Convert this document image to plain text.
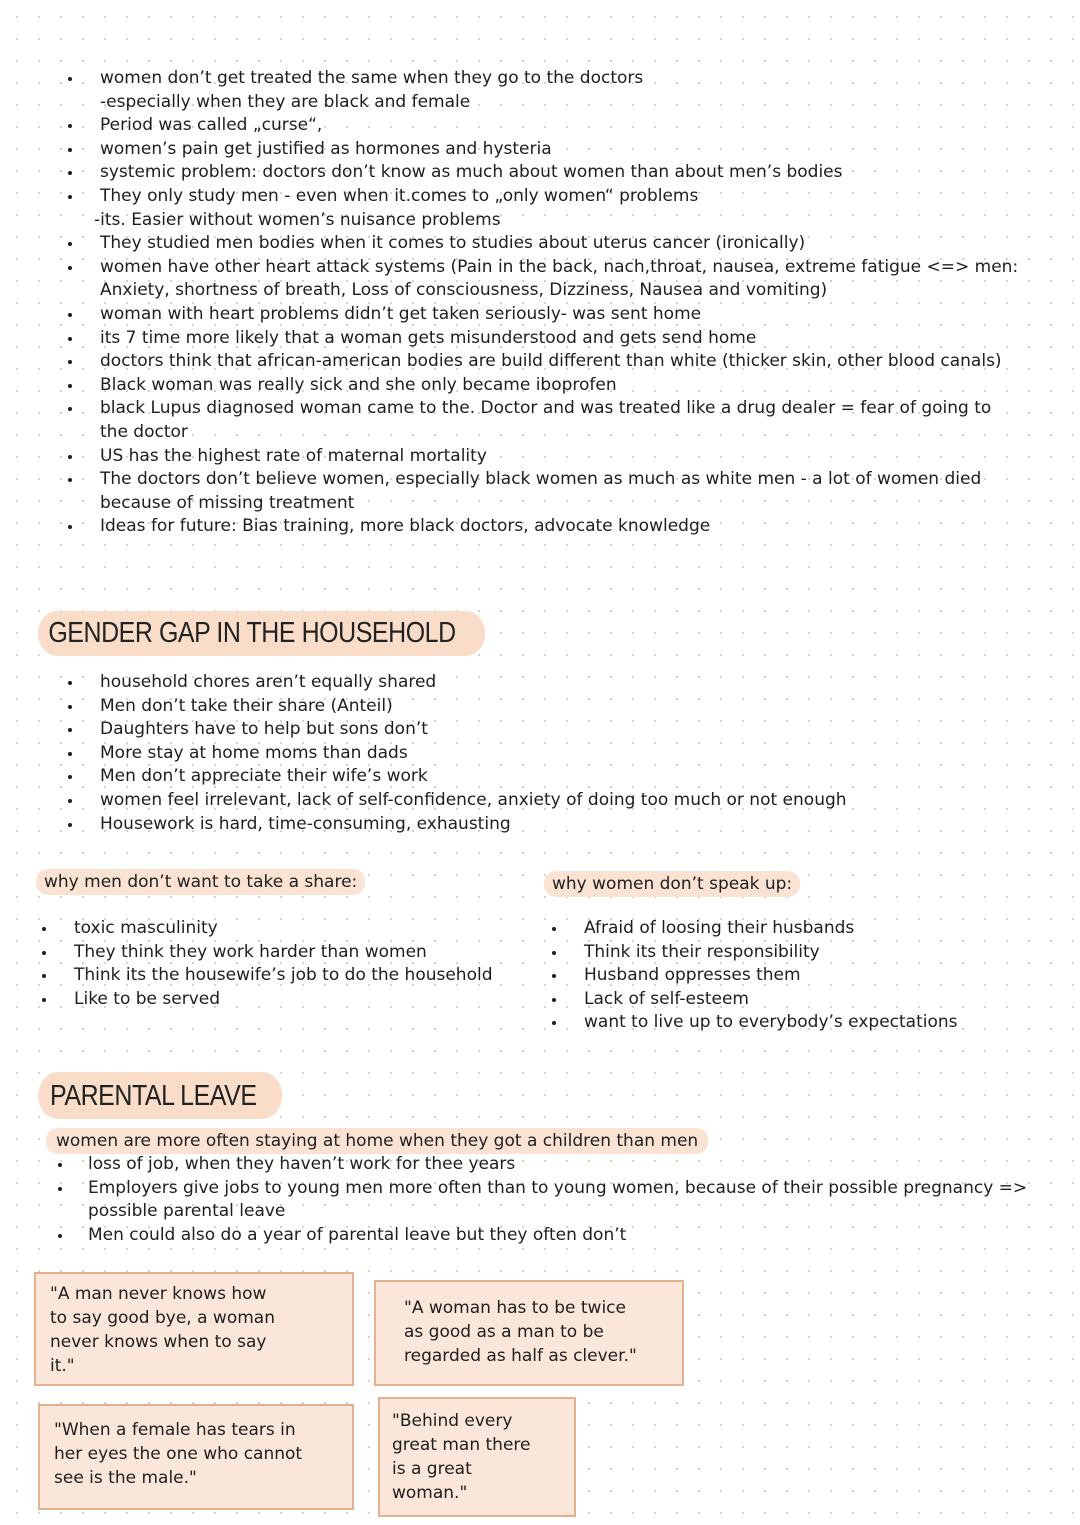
women don’t get treated the same when they go to the doctors
-especially when they are black and female
Period was called „curse“,
women’s pain get justified as hormones and hysteria
systemic problem: doctors don’t know as much about women than about men’s bodies
They only study men - even when it.comes to „only women“ problems
-its. Easier without women’s nuisance problems
They studied men bodies when it comes to studies about uterus cancer (ironically)
women have other heart attack systems (Pain in the back, nach,throat, nausea, extreme fatigue <=> men: Anxiety, shortness of breath, Loss of consciousness, Dizziness, Nausea and vomiting)
woman with heart problems didn’t get taken seriously- was sent home
its 7 time more likely that a woman gets misunderstood and gets send home
doctors think that african-american bodies are build different than white (thicker skin, other blood canals)
Black woman was really sick and she only became iboprofen
black Lupus diagnosed woman came to the. Doctor and was treated like a drug dealer = fear of going to the doctor
US has the highest rate of maternal mortality
The doctors don’t believe women, especially black women as much as white men - a lot of women died because of missing treatment
Ideas for future: Bias training, more black doctors, advocate knowledge
GENDER GAP IN THE HOUSEHOLD
household chores aren’t equally shared
Men don’t take their share (Anteil)
Daughters have to help but sons don’t
More stay at home moms than dads
Men don’t appreciate their wife’s work
women feel irrelevant, lack of self-confidence, anxiety of doing too much or not enough
Housework is hard, time-consuming, exhausting
why men don’t want to take a share:
toxic masculinity
They think they work harder than women
Think its the housewife’s job to do the household
Like to be served
why women don’t speak up:
Afraid of loosing their husbands
Think its their responsibility
Husband oppresses them
Lack of self-esteem
want to live up to everybody’s expectations
PARENTAL LEAVE
women are more often staying at home when they got a children than men
loss of job, when they haven’t work for thee years
Employers give jobs to young men more often than to young women, because of their possible pregnancy => possible parental leave
Men could also do a year of parental leave but they often don’t
"A man never knows how
to say good bye, a woman
never knows when to say
it."
"A woman has to be twice
as good as a man to be
regarded as half as clever."
"When a female has tears in
her eyes the one who cannot
see is the male."
"Behind every
great man there
is a great
woman."
